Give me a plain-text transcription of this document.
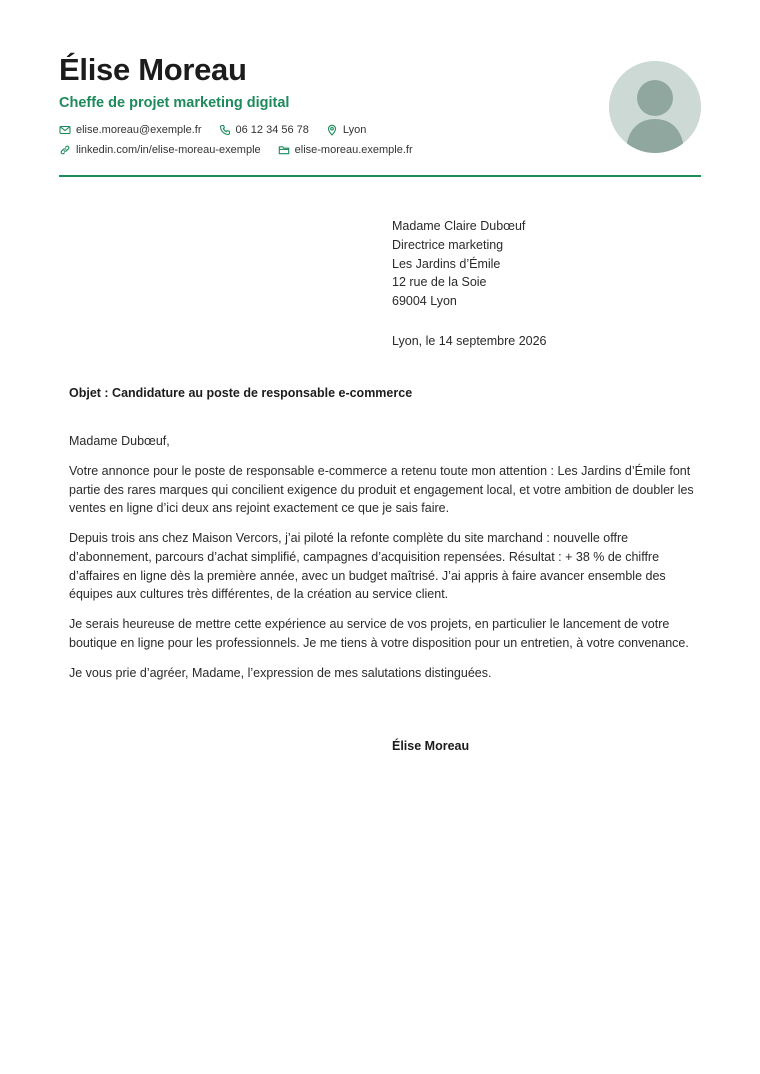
Élise Moreau
Cheffe de projet marketing digital
elise.moreau@exemple.fr	06 12 34 56 78	Lyon
linkedin.com/in/elise-moreau-exemple	elise-moreau.exemple.fr
Madame Claire Dubœuf
Directrice marketing
Les Jardins d’Émile
12 rue de la Soie
69004 Lyon
Lyon, le 14 septembre 2026
Objet : Candidature au poste de responsable e-commerce

Madame Dubœuf,

Votre annonce pour le poste de responsable e-commerce a retenu toute mon attention : Les Jardins d’Émile font partie des rares marques qui concilient exigence du produit et engagement local, et votre ambition de doubler les ventes en ligne d’ici deux ans rejoint exactement ce que je sais faire.

Depuis trois ans chez Maison Vercors, j’ai piloté la refonte complète du site marchand : nouvelle offre d’abonnement, parcours d’achat simplifié, campagnes d’acquisition repensées. Résultat : + 38 % de chiffre d’affaires en ligne dès la première année, avec un budget maîtrisé. J’ai appris à faire avancer ensemble des équipes aux cultures très différentes, de la création au service client.

Je serais heureuse de mettre cette expérience au service de vos projets, en particulier le lancement de votre boutique en ligne pour les professionnels. Je me tiens à votre disposition pour un entretien, à votre convenance.

Je vous prie d’agréer, Madame, l’expression de mes salutations distinguées.

Élise Moreau
